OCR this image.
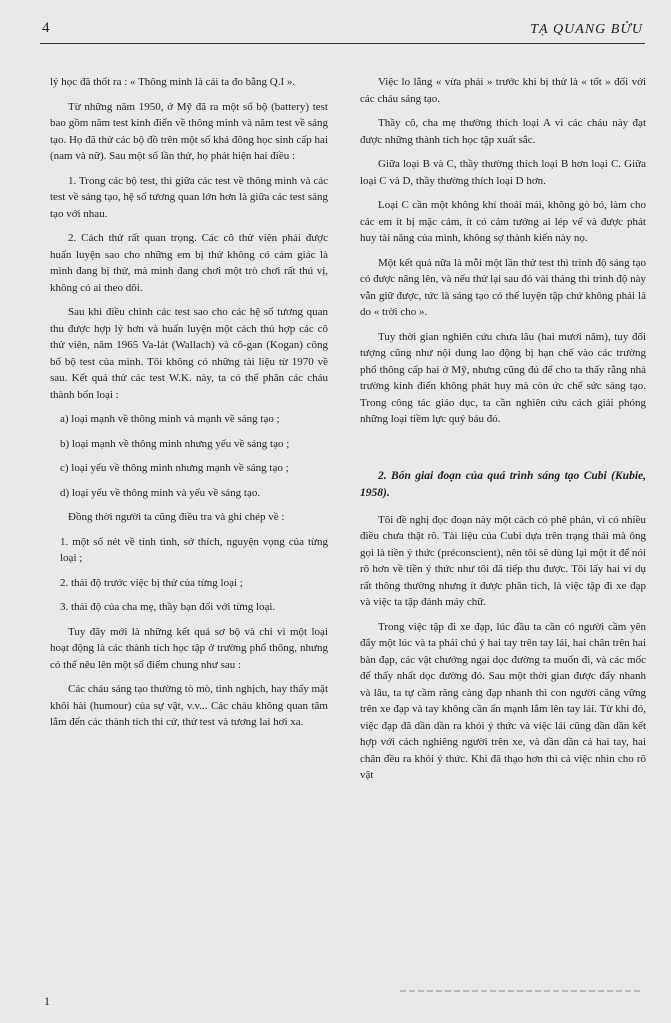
4	TẠ QUANG BỬU

lý học đã thốt ra : « Thông minh là cái ta đo bằng Q.I ».

Từ những năm 1950, ở Mỹ đã ra một số bộ (battery) test bao gồm năm test kinh điển về thông minh và năm test về sáng tạo. Họ đã thử các bộ đồ trên một số khá đông học sinh cấp hai (nam và nữ). Sau một số lần thử, họ phát hiện hai điều :

1. Trong các bộ test, thì giữa các test về thông minh và các test về sáng tạo, hệ số tương quan lớn hơn là giữa các test sáng tạo với nhau.

2. Cách thử rất quan trọng. Các cô thử viên phải được huấn luyện sao cho những em bị thử không có cảm giác là mình đang bị thử, mà mình đang chơi một trò chơi rất thú vị, không có ai theo dõi.

Sau khi điều chỉnh các test sao cho các hệ số tương quan thu được hợp lý hơn và huấn luyện một cách thủ hợp các cô thử viên, năm 1965 Va-lát (Wallach) và cô-gan (Kogan) công bố bộ test của mình. Tôi không có những tài liệu từ 1970 về sau. Kết quả thử các test W.K. này, ta có thể phân các cháu thành bốn loại :

a) loại mạnh về thông minh và mạnh về sáng tạo ;

b) loại mạnh về thông minh nhưng yếu về sáng tạo ;

c) loại yếu về thông minh nhưng mạnh về sáng tạo ;

d) loại yếu về thông minh và yếu về sáng tạo.

Đồng thời người ta cũng điều tra và ghi chép về :

1. một số nét về tính tình, sở thích, nguyện vọng của từng loại ;

2. thái độ trước việc bị thử của từng loại ;

3. thái độ của cha mẹ, thầy bạn đối với từng loại.

Tuy đây mới là những kết quả sơ bộ và chỉ vì một loại hoạt động là các thành tích học tập ở trường phổ thông, nhưng có thể nêu lên một số điểm chung như sau :

Các cháu sáng tạo thường tò mò, tinh nghịch, hay thấy mặt khôi hài (humour) của sự vật, v.v... Các cháu không quan tâm lắm đến các thành tích thi cử, thử test và tương lai hơi xa.

Việc lo lắng « vừa phải » trước khi bị thử là « tốt » đối với các cháu sáng tạo.

Thầy cô, cha mẹ thường thích loại A vì các cháu này đạt được những thành tích học tập xuất sắc.

Giữa loại B và C, thầy thường thích loại B hơn loại C. Giữa loại C và D, thầy thường thích loại D hơn.

Loại C cần một không khí thoải mái, không gò bó, làm cho các em ít bị mặc cảm, ít có cảm tưởng ai lép vế và được phát huy tài năng của mình, không sợ thành kiến này nọ.

Một kết quả nữa là mỗi một lần thử test thì trình độ sáng tạo có được nâng lên, và nếu thử lại sau đó vài tháng thì trình độ này vẫn giữ được, tức là sáng tạo có thể luyện tập chứ không phải là do « trời cho ».

Tuy thời gian nghiên cứu chưa lâu (hai mươi năm), tuy đối tượng cũng như nội dung lao động bị hạn chế vào các trường phổ thông cấp hai ở Mỹ, nhưng cũng đủ để cho ta thấy rằng nhà trường kinh điển không phát huy mà còn ức chế sức sáng tạo. Trong công tác giáo dục, ta cần nghiên cứu cách giải phóng những loại tiềm lực quý báu đó.

2. Bốn giai đoạn của quá trình sáng tạo Cubi (Kubie, 1958).

Tôi đề nghị đọc đoạn này một cách có phê phán, vì có nhiều điều chưa thật rõ. Tài liệu của Cubi dựa trên trạng thái mà ông gọi là tiền ý thức (préconscient), nên tôi sẽ dùng lại một ít để nói rõ hơn về tiền ý thức như tôi đã tiếp thu được. Tôi lấy hai ví dụ rất thông thường nhưng ít được phân tích, là việc tập đi xe đạp và việc ta tập đánh máy chữ.

Trong việc tập đi xe đạp, lúc đầu ta cần có người cầm yên đẩy một lúc và ta phải chú ý hai tay trên tay lái, hai chân trên hai bàn đạp, các vật chướng ngại dọc đường ta muốn đi, và các mốc để thấy nhất dọc đường đó. Sau một thời gian được đẩy nhanh và lâu, ta tự cầm răng càng đạp nhanh thì con người căng vững trên xe đạp và tay không cần ấn mạnh lắm lên tay lái. Từ khi đó, việc đạp đã dần dần ra khỏi ý thức và việc lái cũng dần dần kết hợp với cách nghiêng người trên xe, và dần dần cả hai tay, hai chân đều ra khỏi ý thức. Khi đã thạo hơn thì cả việc nhìn cho rõ vật

1
